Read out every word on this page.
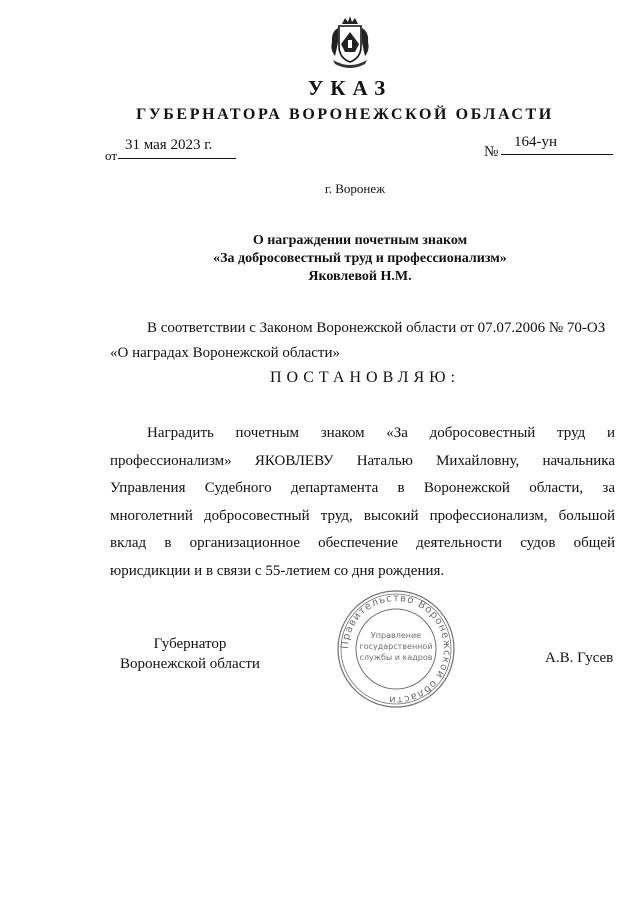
УКАЗ
ГУБЕРНАТОРА ВОРОНЕЖСКОЙ ОБЛАСТИ
от
31 мая 2023 г.	№
164-ун
г. Воронеж
О награждении почетным знаком
«За добросовестный труд и профессионализм»
Яковлевой Н.М.
В соответствии с Законом Воронежской области от 07.07.2006 № 70-ОЗ
«О наградах Воронежской области»
ПОСТАНОВЛЯЮ:
Наградить почетным знаком «За добросовестный труд и
профессионализм» ЯКОВЛЕВУ Наталью Михайловну, начальника
Управления Судебного департамента в Воронежской области, за
многолетний добросовестный труд, высокий профессионализм, большой
вклад в организационное обеспечение деятельности судов общей
юрисдикции и в связи с 55-летием со дня рождения.
Правительство Воронежской области
Управление
государственной
службы и кадров
Губернатор
Воронежской области	А.В. Гусев
